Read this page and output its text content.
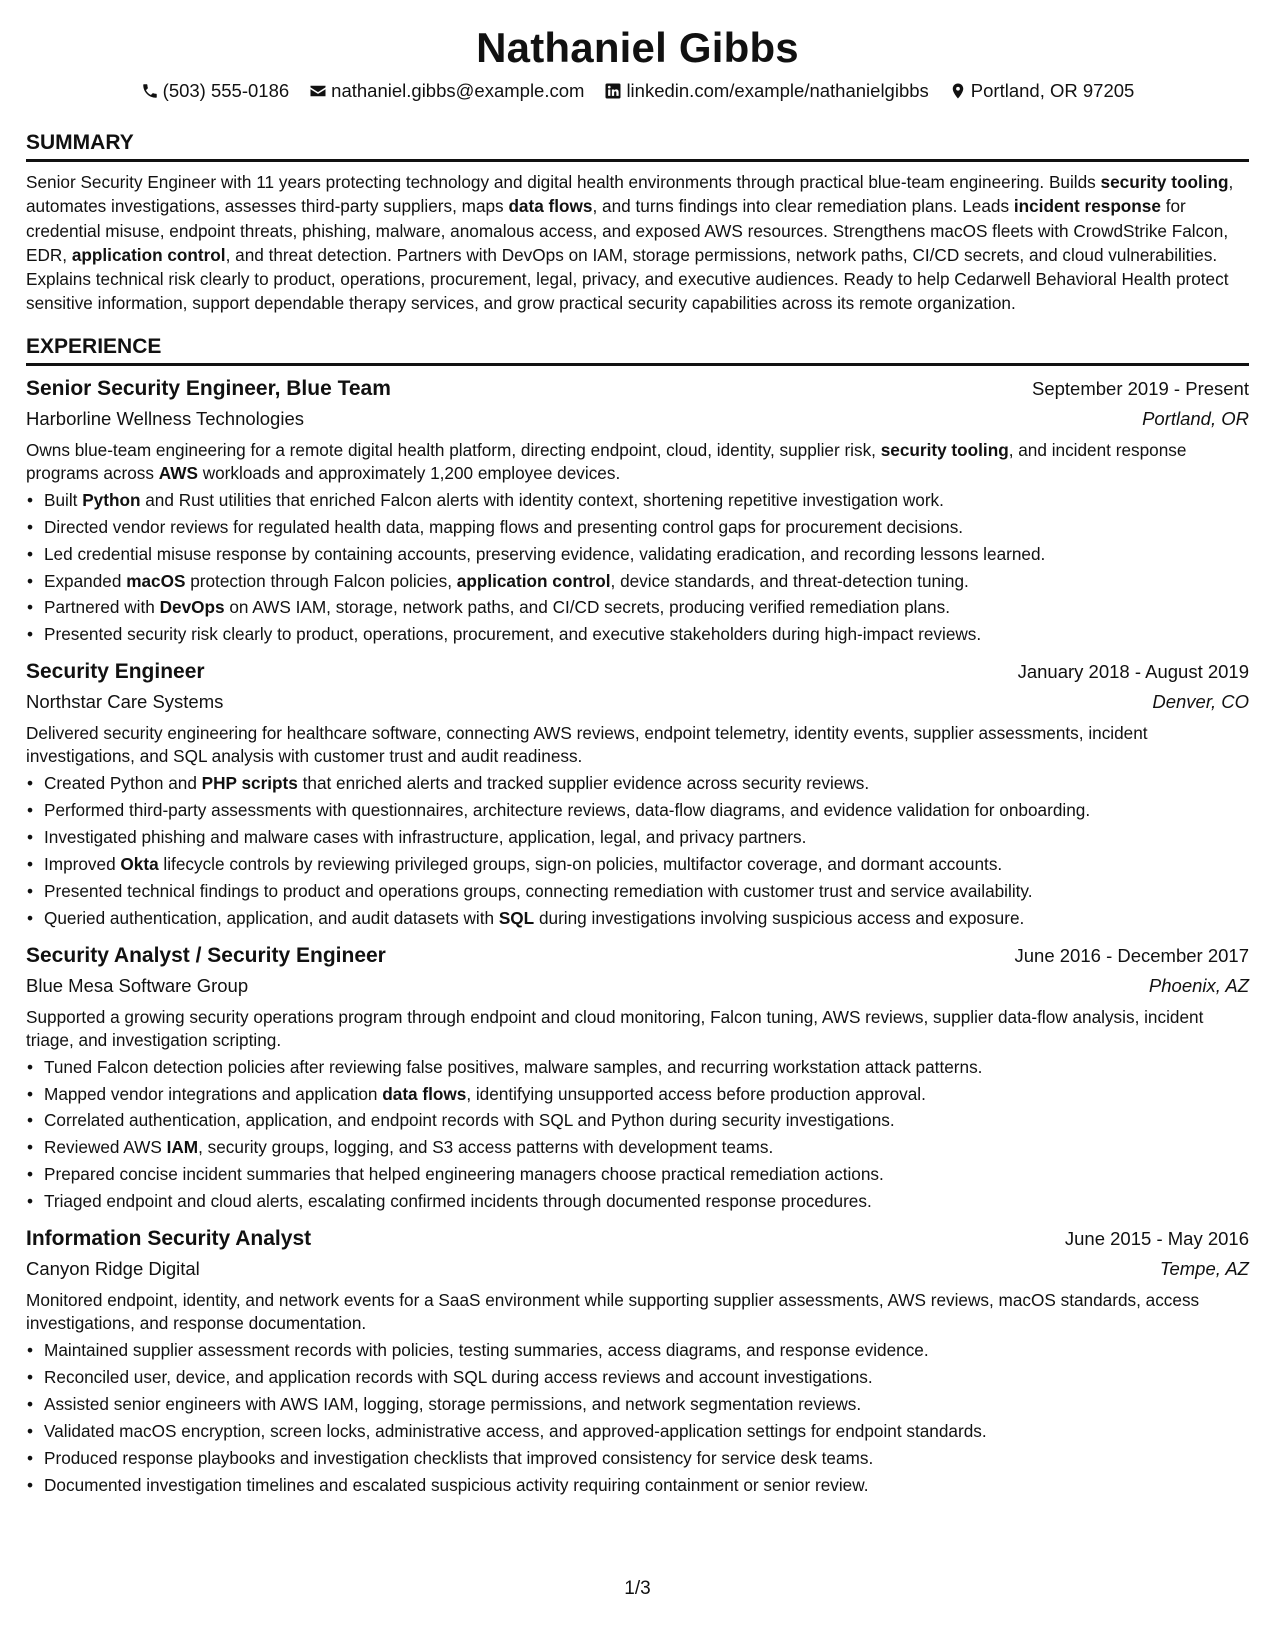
Nathaniel Gibbs
(503) 555-0186 nathaniel.gibbs@example.com linkedin.com/example/nathanielgibbs Portland, OR 97205
SUMMARY
Senior Security Engineer with 11 years protecting technology and digital health environments through practical blue-team engineering. Builds security tooling, automates investigations, assesses third-party suppliers, maps data flows, and turns findings into clear remediation plans. Leads incident response for credential misuse, endpoint threats, phishing, malware, anomalous access, and exposed AWS resources. Strengthens macOS fleets with CrowdStrike Falcon, EDR, application control, and threat detection. Partners with DevOps on IAM, storage permissions, network paths, CI/CD secrets, and cloud vulnerabilities. Explains technical risk clearly to product, operations, procurement, legal, privacy, and executive audiences. Ready to help Cedarwell Behavioral Health protect sensitive information, support dependable therapy services, and grow practical security capabilities across its remote organization.
EXPERIENCE
Senior Security Engineer, Blue Team	September 2019 - Present
Harborline Wellness Technologies	Portland, OR
Owns blue-team engineering for a remote digital health platform, directing endpoint, cloud, identity, supplier risk, security tooling, and incident response programs across AWS workloads and approximately 1,200 employee devices.
• Built Python and Rust utilities that enriched Falcon alerts with identity context, shortening repetitive investigation work.
• Directed vendor reviews for regulated health data, mapping flows and presenting control gaps for procurement decisions.
• Led credential misuse response by containing accounts, preserving evidence, validating eradication, and recording lessons learned.
• Expanded macOS protection through Falcon policies, application control, device standards, and threat-detection tuning.
• Partnered with DevOps on AWS IAM, storage, network paths, and CI/CD secrets, producing verified remediation plans.
• Presented security risk clearly to product, operations, procurement, and executive stakeholders during high-impact reviews.
Security Engineer	January 2018 - August 2019
Northstar Care Systems	Denver, CO
Delivered security engineering for healthcare software, connecting AWS reviews, endpoint telemetry, identity events, supplier assessments, incident investigations, and SQL analysis with customer trust and audit readiness.
• Created Python and PHP scripts that enriched alerts and tracked supplier evidence across security reviews.
• Performed third-party assessments with questionnaires, architecture reviews, data-flow diagrams, and evidence validation for onboarding.
• Investigated phishing and malware cases with infrastructure, application, legal, and privacy partners.
• Improved Okta lifecycle controls by reviewing privileged groups, sign-on policies, multifactor coverage, and dormant accounts.
• Presented technical findings to product and operations groups, connecting remediation with customer trust and service availability.
• Queried authentication, application, and audit datasets with SQL during investigations involving suspicious access and exposure.
Security Analyst / Security Engineer	June 2016 - December 2017
Blue Mesa Software Group	Phoenix, AZ
Supported a growing security operations program through endpoint and cloud monitoring, Falcon tuning, AWS reviews, supplier data-flow analysis, incident triage, and investigation scripting.
• Tuned Falcon detection policies after reviewing false positives, malware samples, and recurring workstation attack patterns.
• Mapped vendor integrations and application data flows, identifying unsupported access before production approval.
• Correlated authentication, application, and endpoint records with SQL and Python during security investigations.
• Reviewed AWS IAM, security groups, logging, and S3 access patterns with development teams.
• Prepared concise incident summaries that helped engineering managers choose practical remediation actions.
• Triaged endpoint and cloud alerts, escalating confirmed incidents through documented response procedures.
Information Security Analyst	June 2015 - May 2016
Canyon Ridge Digital	Tempe, AZ
Monitored endpoint, identity, and network events for a SaaS environment while supporting supplier assessments, AWS reviews, macOS standards, access investigations, and response documentation.
• Maintained supplier assessment records with policies, testing summaries, access diagrams, and response evidence.
• Reconciled user, device, and application records with SQL during access reviews and account investigations.
• Assisted senior engineers with AWS IAM, logging, storage permissions, and network segmentation reviews.
• Validated macOS encryption, screen locks, administrative access, and approved-application settings for endpoint standards.
• Produced response playbooks and investigation checklists that improved consistency for service desk teams.
• Documented investigation timelines and escalated suspicious activity requiring containment or senior review.
1/3
